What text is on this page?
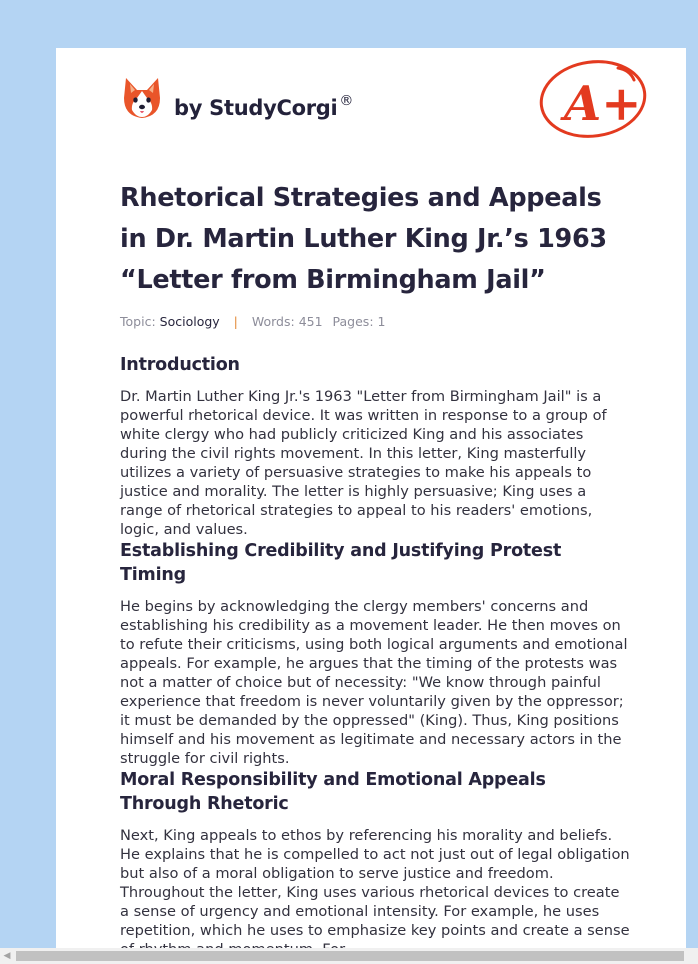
by StudyCorgi ®	A+
Rhetorical Strategies and Appeals in Dr. Martin Luther King Jr.’s 1963 “Letter from Birmingham Jail”
Topic: Sociology | Words: 451 Pages: 1
Introduction

Dr. Martin Luther King Jr.'s 1963 "Letter from Birmingham Jail" is a powerful rhetorical device. It was written in response to a group of white clergy who had publicly criticized King and his associates during the civil rights movement. In this letter, King masterfully utilizes a variety of persuasive strategies to make his appeals to justice and morality. The letter is highly persuasive; King uses a range of rhetorical strategies to appeal to his readers' emotions, logic, and values.

Establishing Credibility and Justifying Protest Timing

He begins by acknowledging the clergy members' concerns and establishing his credibility as a movement leader. He then moves on to refute their criticisms, using both logical arguments and emotional appeals. For example, he argues that the timing of the protests was not a matter of choice but of necessity: "We know through painful experience that freedom is never voluntarily given by the oppressor; it must be demanded by the oppressed" (King). Thus, King positions himself and his movement as legitimate and necessary actors in the struggle for civil rights.

Moral Responsibility and Emotional Appeals Through Rhetoric

Next, King appeals to ethos by referencing his morality and beliefs. He explains that he is compelled to act not just out of legal obligation but also of a moral obligation to serve justice and freedom. Throughout the letter, King uses various rhetorical devices to create a sense of urgency and emotional intensity. For example, he uses repetition, which he uses to emphasize key points and create a sense

◀
